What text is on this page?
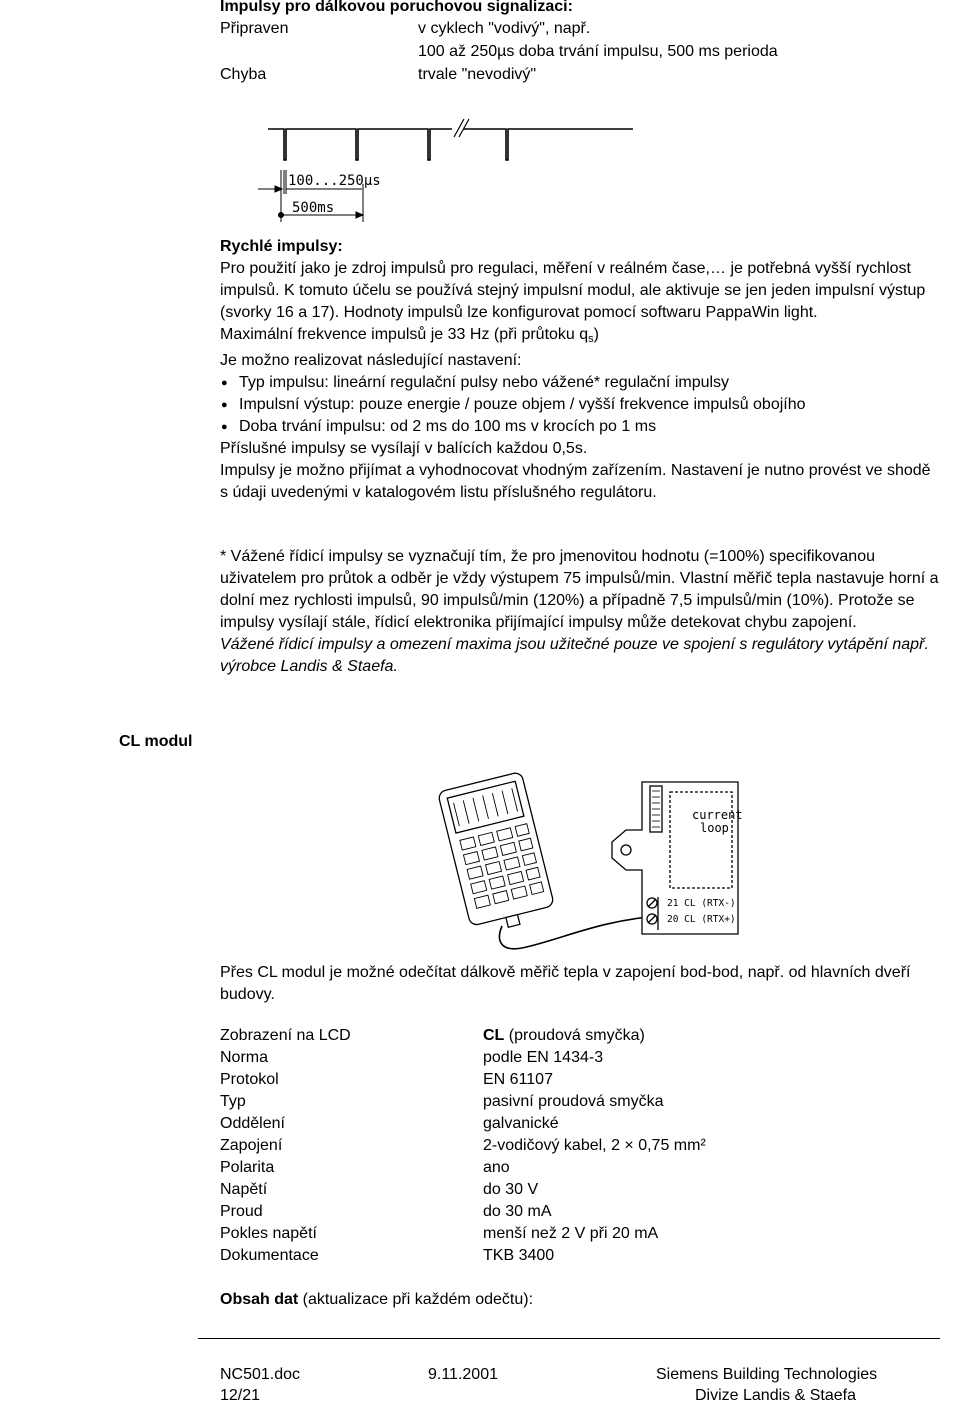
Impulsy pro dálkovou poruchovou signalizaci:
Připraven	v cyklech "vodivý", např.
100 až 250µs doba trvání impulsu, 500 ms perioda
Chyba	trvale "nevodivý"
100...250µs
500ms

Rychlé impulsy:

Pro použití jako je zdroj impulsů pro regulaci, měření v reálném čase,… je potřebná vyšší rychlost impulsů. K tomuto účelu se používá stejný impulsní modul, ale aktivuje se jen jeden impulsní výstup (svorky 16 a 17). Hodnoty impulsů lze konfigurovat pomocí softwaru PappaWin light.

Maximální frekvence impulsů je 33 Hz (při průtoku $q_s$)

Je možno realizovat následující nastavení:

● Typ impulsu: lineární regulační pulsy nebo vážené* regulační impulsy
● Impulsní výstup: pouze energie / pouze objem / vyšší frekvence impulsů obojího
● Doba trvání impulsu: od 2 ms do 100 ms v krocích po 1 ms

Příslušné impulsy se vysílají v balících každou 0,5s.

Impulsy je možno přijímat a vyhodnocovat vhodným zařízením. Nastavení je nutno provést ve shodě s údaji uvedenými v katalogovém listu příslušného regulátoru.

* Vážené řídicí impulsy se vyznačují tím, že pro jmenovitou hodnotu (=100%) specifikovanou uživatelem pro průtok a odběr je vždy výstupem 75 impulsů/min. Vlastní měřič tepla nastavuje horní a dolní mez rychlosti impulsů, 90 impulsů/min (120%) a případně 7,5 impulsů/min (10%). Protože se impulsy vysílají stále, řídicí elektronika přijímající impulsy může detekovat chybu zapojení.

Vážené řídicí impulsy a omezení maxima jsou užitečné pouze ve spojení s regulátory vytápění např. výrobce Landis & Staefa.

CL modul
current
loop
21 CL (RTX-)
20 CL (RTX+)
Přes CL modul je možné odečítat dálkově měřič tepla v zapojení bod-bod, např. od hlavních dveří budovy.
Zobrazení na LCD	CL (proudová smyčka)
Norma	podle EN 1434-3
Protokol	EN 61107
Typ	pasivní proudová smyčka
Oddělení	galvanické
Zapojení	2-vodičový kabel, 2 × 0,75 mm²
Polarita	ano
Napětí	do 30 V
Proud	do 30 mA
Pokles napětí	menší než 2 V při 20 mA
Dokumentace	TKB 3400
Obsah dat (aktualizace při každém odečtu):
NC501.doc	9.11.2001	Siemens Building Technologies
12/21	Divize Landis & Staefa
